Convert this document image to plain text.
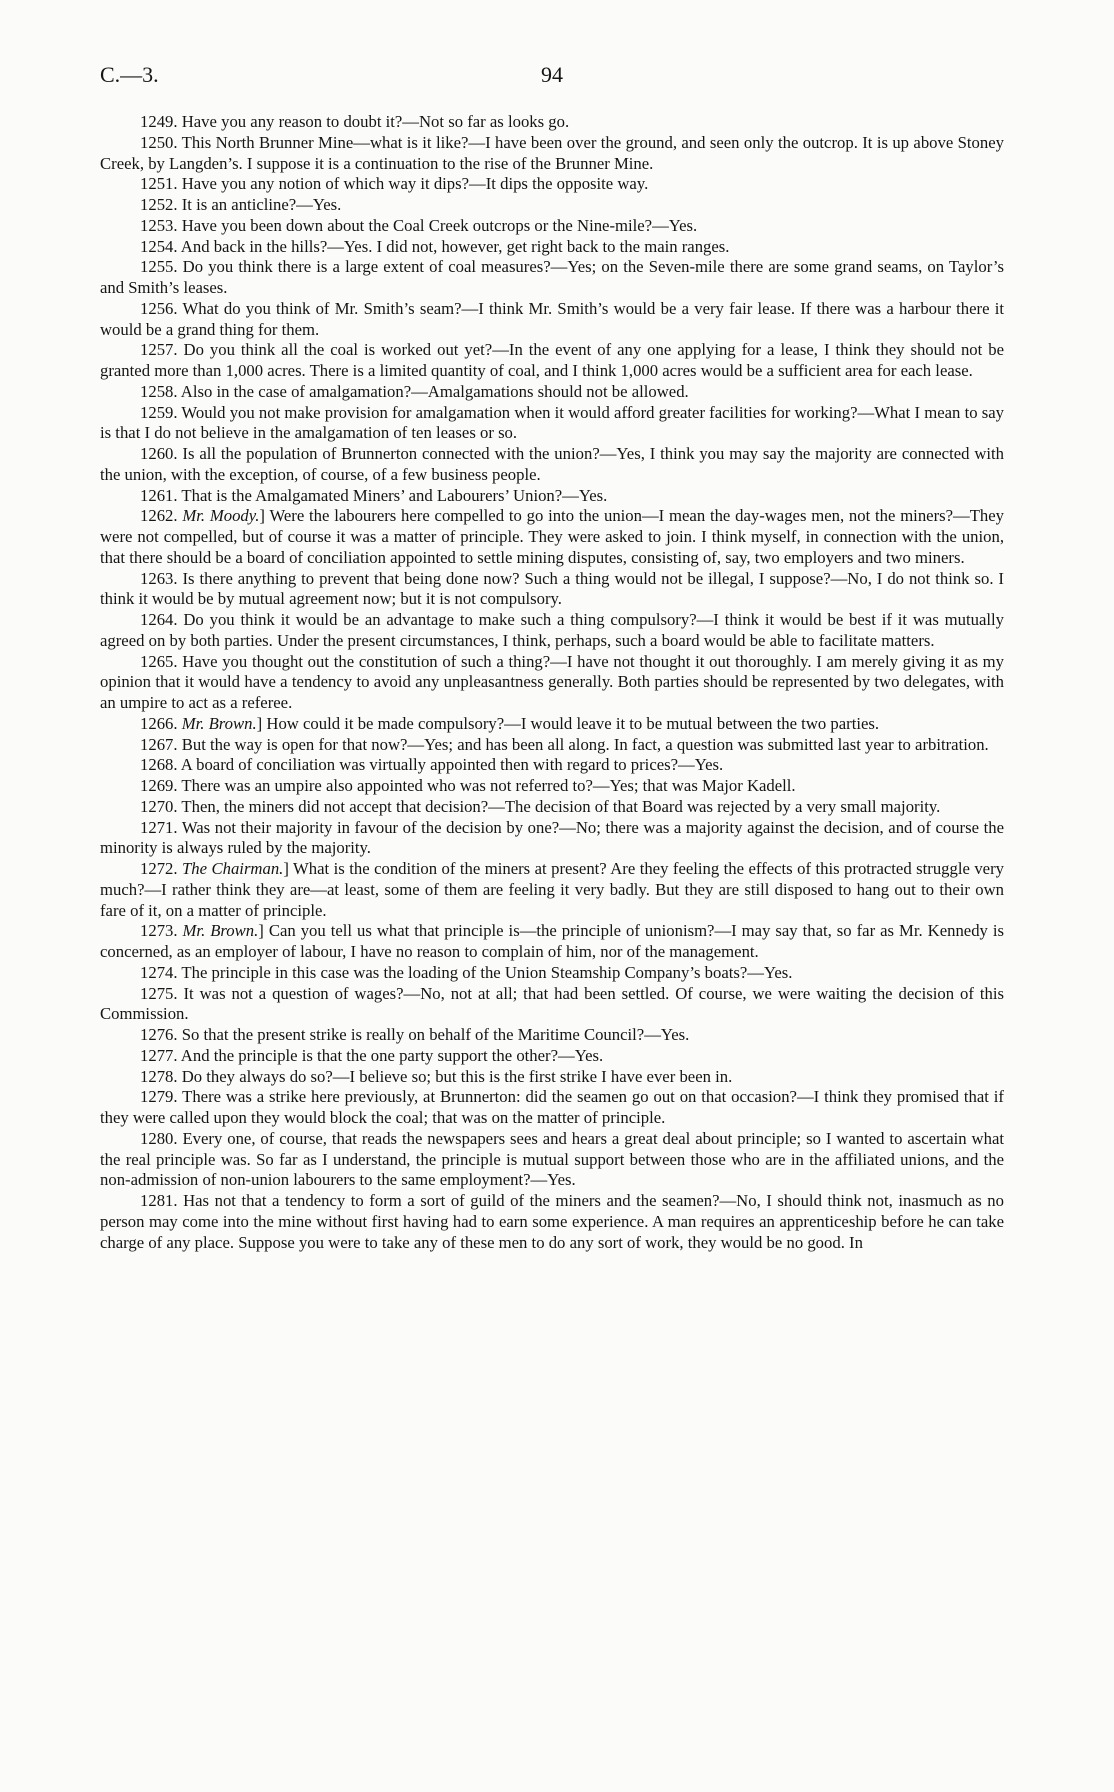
C.—3.	94

1249. Have you any reason to doubt it?—Not so far as looks go.

1250. This North Brunner Mine—what is it like?—I have been over the ground, and seen only the outcrop. It is up above Stoney Creek, by Langden’s. I suppose it is a continuation to the rise of the Brunner Mine.

1251. Have you any notion of which way it dips?—It dips the opposite way.

1252. It is an anticline?—Yes.

1253. Have you been down about the Coal Creek outcrops or the Nine-mile?—Yes.

1254. And back in the hills?—Yes. I did not, however, get right back to the main ranges.

1255. Do you think there is a large extent of coal measures?—Yes; on the Seven-mile there are some grand seams, on Taylor’s and Smith’s leases.

1256. What do you think of Mr. Smith’s seam?—I think Mr. Smith’s would be a very fair lease. If there was a harbour there it would be a grand thing for them.

1257. Do you think all the coal is worked out yet?—In the event of any one applying for a lease, I think they should not be granted more than 1,000 acres. There is a limited quantity of coal, and I think 1,000 acres would be a sufficient area for each lease.

1258. Also in the case of amalgamation?—Amalgamations should not be allowed.

1259. Would you not make provision for amalgamation when it would afford greater facilities for working?—What I mean to say is that I do not believe in the amalgamation of ten leases or so.

1260. Is all the population of Brunnerton connected with the union?—Yes, I think you may say the majority are connected with the union, with the exception, of course, of a few business people.

1261. That is the Amalgamated Miners’ and Labourers’ Union?—Yes.

1262. Mr. Moody.] Were the labourers here compelled to go into the union—I mean the day-wages men, not the miners?—They were not compelled, but of course it was a matter of principle. They were asked to join. I think myself, in connection with the union, that there should be a board of conciliation appointed to settle mining disputes, consisting of, say, two employers and two miners.

1263. Is there anything to prevent that being done now? Such a thing would not be illegal, I suppose?—No, I do not think so. I think it would be by mutual agreement now; but it is not compulsory.

1264. Do you think it would be an advantage to make such a thing compulsory?—I think it would be best if it was mutually agreed on by both parties. Under the present circumstances, I think, perhaps, such a board would be able to facilitate matters.

1265. Have you thought out the constitution of such a thing?—I have not thought it out thoroughly. I am merely giving it as my opinion that it would have a tendency to avoid any unpleasantness generally. Both parties should be represented by two delegates, with an umpire to act as a referee.

1266. Mr. Brown.] How could it be made compulsory?—I would leave it to be mutual between the two parties.

1267. But the way is open for that now?—Yes; and has been all along. In fact, a question was submitted last year to arbitration.

1268. A board of conciliation was virtually appointed then with regard to prices?—Yes.

1269. There was an umpire also appointed who was not referred to?—Yes; that was Major Kadell.

1270. Then, the miners did not accept that decision?—The decision of that Board was rejected by a very small majority.

1271. Was not their majority in favour of the decision by one?—No; there was a majority against the decision, and of course the minority is always ruled by the majority.

1272. The Chairman.] What is the condition of the miners at present? Are they feeling the effects of this protracted struggle very much?—I rather think they are—at least, some of them are feeling it very badly. But they are still disposed to hang out to their own fare of it, on a matter of principle.

1273. Mr. Brown.] Can you tell us what that principle is—the principle of unionism?—I may say that, so far as Mr. Kennedy is concerned, as an employer of labour, I have no reason to complain of him, nor of the management.

1274. The principle in this case was the loading of the Union Steamship Company’s boats?—Yes.

1275. It was not a question of wages?—No, not at all; that had been settled. Of course, we were waiting the decision of this Commission.

1276. So that the present strike is really on behalf of the Maritime Council?—Yes.

1277. And the principle is that the one party support the other?—Yes.

1278. Do they always do so?—I believe so; but this is the first strike I have ever been in.

1279. There was a strike here previously, at Brunnerton: did the seamen go out on that occasion?—I think they promised that if they were called upon they would block the coal; that was on the matter of principle.

1280. Every one, of course, that reads the newspapers sees and hears a great deal about principle; so I wanted to ascertain what the real principle was. So far as I understand, the principle is mutual support between those who are in the affiliated unions, and the non-admission of non-union labourers to the same employment?—Yes.

1281. Has not that a tendency to form a sort of guild of the miners and the seamen?—No, I should think not, inasmuch as no person may come into the mine without first having had to earn some experience. A man requires an apprenticeship before he can take charge of any place. Suppose you were to take any of these men to do any sort of work, they would be no good. In
